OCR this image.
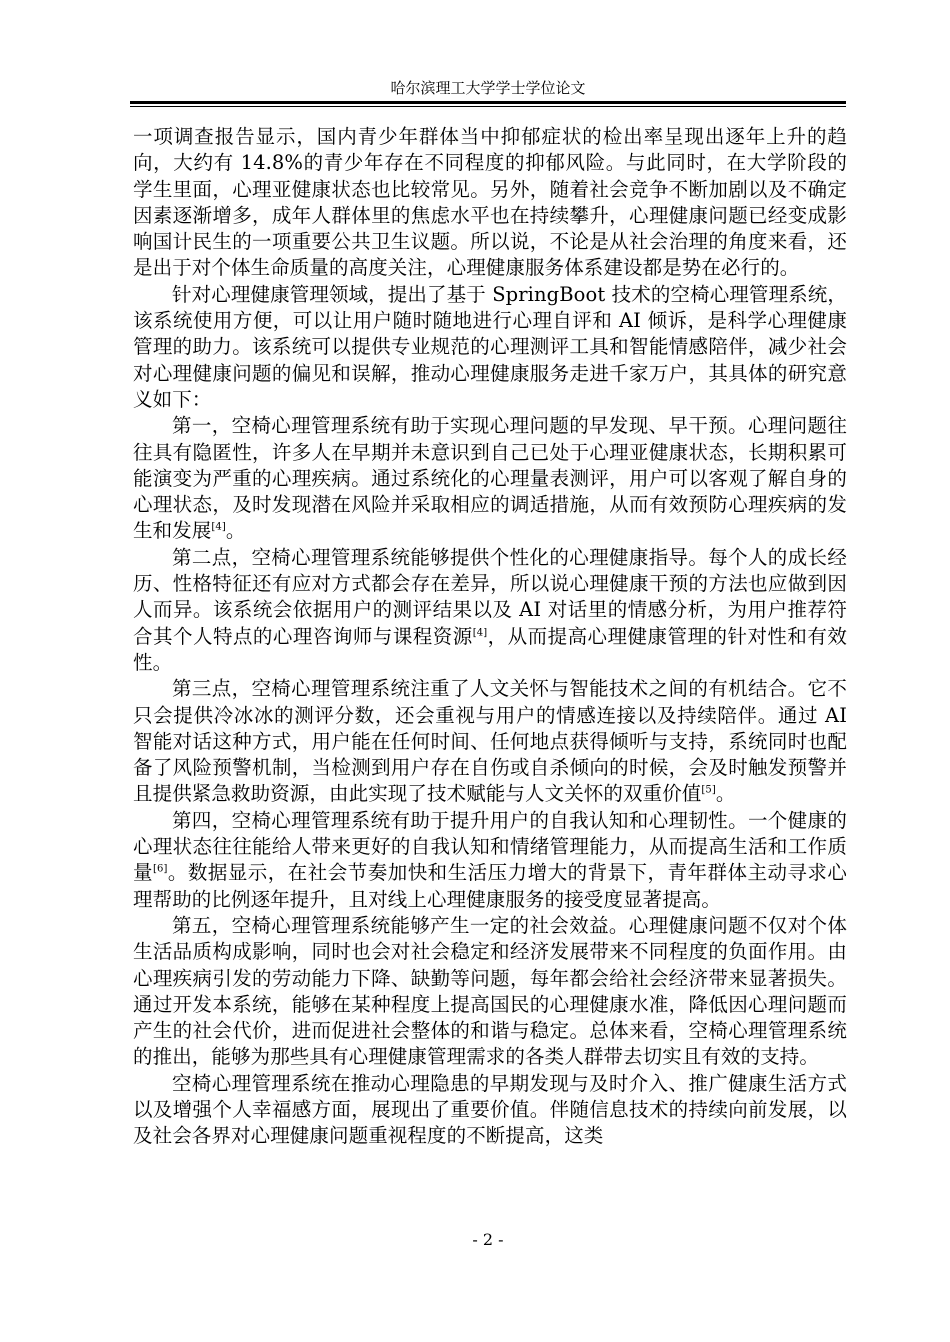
哈尔滨理工大学学士学位论文

一项调查报告显示，国内青少年群体当中抑郁症状的检出率呈现出逐年上升的趋向，大约有 14.8%的青少年存在不同程度的抑郁风险。与此同时，在大学阶段的学生里面，心理亚健康状态也比较常见。另外，随着社会竞争不断加剧以及不确定因素逐渐增多，成年人群体里的焦虑水平也在持续攀升，心理健康问题已经变成影响国计民生的一项重要公共卫生议题。所以说，不论是从社会治理的角度来看，还是出于对个体生命质量的高度关注，心理健康服务体系建设都是势在必行的。

针对心理健康管理领域，提出了基于 SpringBoot 技术的空椅心理管理系统，该系统使用方便，可以让用户随时随地进行心理自评和 AI 倾诉，是科学心理健康管理的助力。该系统可以提供专业规范的心理测评工具和智能情感陪伴，减少社会对心理健康问题的偏见和误解，推动心理健康服务走进千家万户，其具体的研究意义如下：

第一，空椅心理管理系统有助于实现心理问题的早发现、早干预。心理问题往往具有隐匿性，许多人在早期并未意识到自己已处于心理亚健康状态，长期积累可能演变为严重的心理疾病。通过系统化的心理量表测评，用户可以客观了解自身的心理状态，及时发现潜在风险并采取相应的调适措施，从而有效预防心理疾病的发生和发展[4]。

第二点，空椅心理管理系统能够提供个性化的心理健康指导。每个人的成长经历、性格特征还有应对方式都会存在差异，所以说心理健康干预的方法也应做到因人而异。该系统会依据用户的测评结果以及 AI 对话里的情感分析，为用户推荐符合其个人特点的心理咨询师与课程资源[4]，从而提高心理健康管理的针对性和有效性。

第三点，空椅心理管理系统注重了人文关怀与智能技术之间的有机结合。它不只会提供冷冰冰的测评分数，还会重视与用户的情感连接以及持续陪伴。通过 AI 智能对话这种方式，用户能在任何时间、任何地点获得倾听与支持，系统同时也配备了风险预警机制，当检测到用户存在自伤或自杀倾向的时候，会及时触发预警并且提供紧急救助资源，由此实现了技术赋能与人文关怀的双重价值[5]。

第四，空椅心理管理系统有助于提升用户的自我认知和心理韧性。一个健康的心理状态往往能给人带来更好的自我认知和情绪管理能力，从而提高生活和工作质量[6]。数据显示，在社会节奏加快和生活压力增大的背景下，青年群体主动寻求心理帮助的比例逐年提升，且对线上心理健康服务的接受度显著提高。

第五，空椅心理管理系统能够产生一定的社会效益。心理健康问题不仅对个体生活品质构成影响，同时也会对社会稳定和经济发展带来不同程度的负面作用。由心理疾病引发的劳动能力下降、缺勤等问题，每年都会给社会经济带来显著损失。通过开发本系统，能够在某种程度上提高国民的心理健康水准，降低因心理问题而产生的社会代价，进而促进社会整体的和谐与稳定。总体来看，空椅心理管理系统的推出，能够为那些具有心理健康管理需求的各类人群带去切实且有效的支持。

空椅心理管理系统在推动心理隐患的早期发现与及时介入、推广健康生活方式以及增强个人幸福感方面，展现出了重要价值。伴随信息技术的持续向前发展，以及社会各界对心理健康问题重视程度的不断提高，这类

- 2 -
